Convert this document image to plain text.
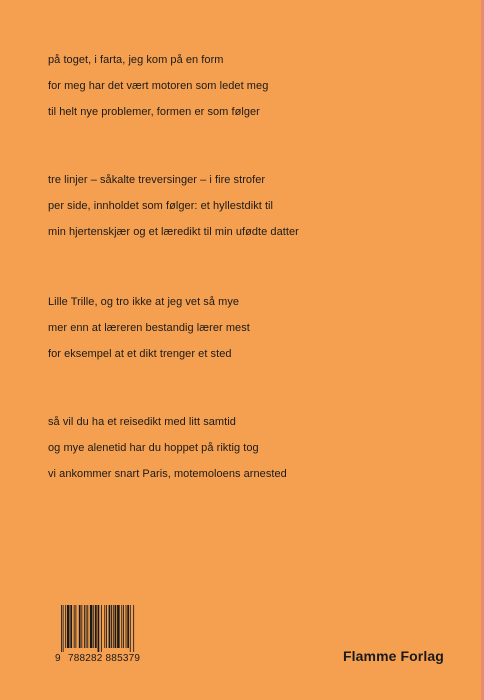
på toget, i farta, jeg kom på en form
for meg har det vært motoren som ledet meg
til helt nye problemer, formen er som følger
tre linjer – såkalte treversinger – i fire strofer
per side, innholdet som følger: et hyllestdikt til
min hjertenskjær og et læredikt til min ufødte datter
Lille Trille, og tro ikke at jeg vet så mye
mer enn at læreren bestandig lærer mest
for eksempel at et dikt trenger et sted
så vil du ha et reisedikt med litt samtid
og mye alenetid har du hoppet på riktig tog
vi ankommer snart Paris, motemoloens arnested
9 788282 885379	Flamme Forlag
